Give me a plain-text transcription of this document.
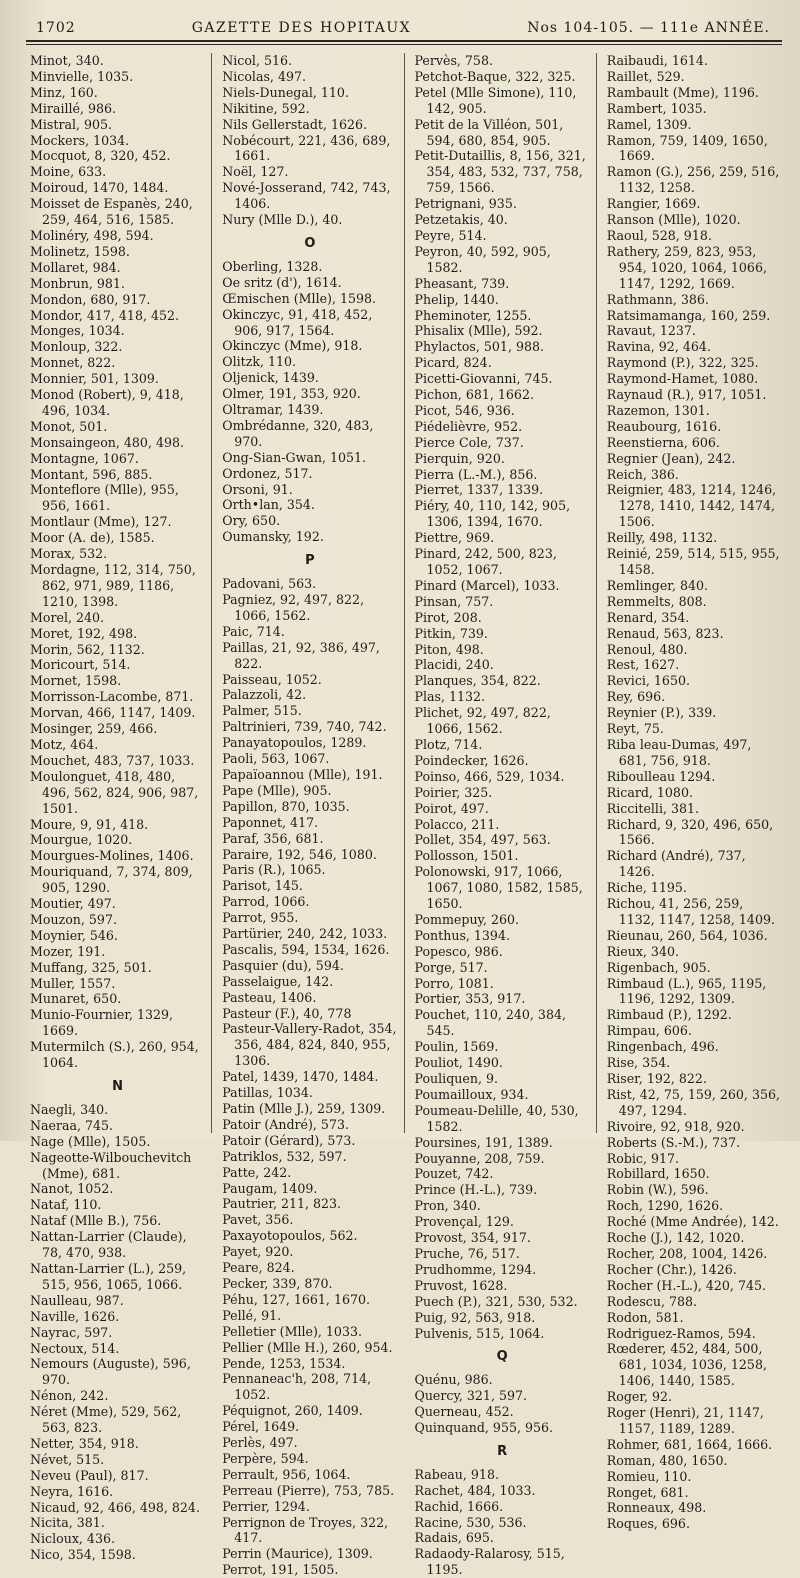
1702	GAZETTE DES HOPITAUX	Nos 104-105. — 111e ANNÉE.
Minot, 340.
Minvielle, 1035.
Minz, 160.
Miraillé, 986.
Mistral, 905.
Mockers, 1034.
Mocquot, 8, 320, 452.
Moine, 633.
Moiroud, 1470, 1484.
Moisset de Espanès, 240, 259, 464, 516, 1585.
Molinéry, 498, 594.
Molinetz, 1598.
Mollaret, 984.
Monbrun, 981.
Mondon, 680, 917.
Mondor, 417, 418, 452.
Monges, 1034.
Monloup, 322.
Monnet, 822.
Monnier, 501, 1309.
Monod (Robert), 9, 418, 496, 1034.
Monot, 501.
Monsaingeon, 480, 498.
Montagne, 1067.
Montant, 596, 885.
Monteflore (Mlle), 955, 956, 1661.
Montlaur (Mme), 127.
Moor (A. de), 1585.
Morax, 532.
Mordagne, 112, 314, 750, 862, 971, 989, 1186, 1210, 1398.
Morel, 240.
Moret, 192, 498.
Morin, 562, 1132.
Moricourt, 514.
Mornet, 1598.
Morrisson-Lacombe, 871.
Morvan, 466, 1147, 1409.
Mosinger, 259, 466.
Motz, 464.
Mouchet, 483, 737, 1033.
Moulonguet, 418, 480, 496, 562, 824, 906, 987, 1501.
Moure, 9, 91, 418.
Mourgue, 1020.
Mourgues-Molines, 1406.
Mouriquand, 7, 374, 809, 905, 1290.
Moutier, 497.
Mouzon, 597.
Moynier, 546.
Mozer, 191.
Muffang, 325, 501.
Muller, 1557.
Munaret, 650.
Munio-Fournier, 1329, 1669.
Mutermilch (S.), 260, 954, 1064.
N
Naegli, 340.
Naeraa, 745.
Nage (Mlle), 1505.
Nageotte-Wilbouchevitch (Mme), 681.
Nanot, 1052.
Nataf, 110.
Nataf (Mlle B.), 756.
Nattan-Larrier (Claude), 78, 470, 938.
Nattan-Larrier (L.), 259, 515, 956, 1065, 1066.
Naulleau, 987.
Naville, 1626.
Nayrac, 597.
Nectoux, 514.
Nemours (Auguste), 596, 970.
Nénon, 242.
Néret (Mme), 529, 562, 563, 823.
Netter, 354, 918.
Névet, 515.
Neveu (Paul), 817.
Neyra, 1616.
Nicaud, 92, 466, 498, 824.
Nicita, 381.
Nicloux, 436.
Nico, 354, 1598.
Nicol, 516.
Nicolas, 497.
Niels-Dunegal, 110.
Nikitine, 592.
Nils Gellerstadt, 1626.
Nobécourt, 221, 436, 689, 1661.
Noël, 127.
Nové-Josserand, 742, 743, 1406.
Nury (Mlle D.), 40.
O
Oberling, 1328.
Oe sritz (d'), 1614.
Œmischen (Mlle), 1598.
Okinczyc, 91, 418, 452, 906, 917, 1564.
Okinczyc (Mme), 918.
Olitzk, 110.
Oljenick, 1439.
Olmer, 191, 353, 920.
Oltramar, 1439.
Ombrédanne, 320, 483, 970.
Ong-Sian-Gwan, 1051.
Ordonez, 517.
Orsoni, 91.
Orth•lan, 354.
Ory, 650.
Oumansky, 192.
P
Padovani, 563.
Pagniez, 92, 497, 822, 1066, 1562.
Paic, 714.
Paillas, 21, 92, 386, 497, 822.
Paisseau, 1052.
Palazzoli, 42.
Palmer, 515.
Paltrinieri, 739, 740, 742.
Panayatopoulos, 1289.
Paoli, 563, 1067.
Papaïoannou (Mlle), 191.
Pape (Mlle), 905.
Papillon, 870, 1035.
Paponnet, 417.
Paraf, 356, 681.
Paraire, 192, 546, 1080.
Paris (R.), 1065.
Parisot, 145.
Parrod, 1066.
Parrot, 955.
Partürier, 240, 242, 1033.
Pascalis, 594, 1534, 1626.
Pasquier (du), 594.
Passelaigue, 142.
Pasteau, 1406.
Pasteur (F.), 40, 778
Pasteur-Vallery-Radot, 354, 356, 484, 824, 840, 955, 1306.
Patel, 1439, 1470, 1484.
Patillas, 1034.
Patin (Mlle J.), 259, 1309.
Patoir (André), 573.
Patoir (Gérard), 573.
Patriklos, 532, 597.
Patte, 242.
Paugam, 1409.
Pautrier, 211, 823.
Pavet, 356.
Paxayotopoulos, 562.
Payet, 920.
Peare, 824.
Pecker, 339, 870.
Péhu, 127, 1661, 1670.
Pellé, 91.
Pelletier (Mlle), 1033.
Pellier (Mlle H.), 260, 954.
Pende, 1253, 1534.
Pennaneac'h, 208, 714, 1052.
Péquignot, 260, 1409.
Pérel, 1649.
Perlès, 497.
Perpère, 594.
Perrault, 956, 1064.
Perreau (Pierre), 753, 785.
Perrier, 1294.
Perrignon de Troyes, 322, 417.
Perrin (Maurice), 1309.
Perrot, 191, 1505.
Pervès, 758.
Petchot-Baque, 322, 325.
Petel (Mlle Simone), 110, 142, 905.
Petit de la Villéon, 501, 594, 680, 854, 905.
Petit-Dutaillis, 8, 156, 321, 354, 483, 532, 737, 758, 759, 1566.
Petrignani, 935.
Petzetakis, 40.
Peyre, 514.
Peyron, 40, 592, 905, 1582.
Pheasant, 739.
Phelip, 1440.
Pheminoter, 1255.
Phisalix (Mlle), 592.
Phylactos, 501, 988.
Picard, 824.
Picetti-Giovanni, 745.
Pichon, 681, 1662.
Picot, 546, 936.
Piédelièvre, 952.
Pierce Cole, 737.
Pierquin, 920.
Pierra (L.-M.), 856.
Pierret, 1337, 1339.
Piéry, 40, 110, 142, 905, 1306, 1394, 1670.
Piettre, 969.
Pinard, 242, 500, 823, 1052, 1067.
Pinard (Marcel), 1033.
Pinsan, 757.
Pirot, 208.
Pitkin, 739.
Piton, 498.
Placidi, 240.
Planques, 354, 822.
Plas, 1132.
Plichet, 92, 497, 822, 1066, 1562.
Plotz, 714.
Poindecker, 1626.
Poinso, 466, 529, 1034.
Poirier, 325.
Poirot, 497.
Polacco, 211.
Pollet, 354, 497, 563.
Pollosson, 1501.
Polonowski, 917, 1066, 1067, 1080, 1582, 1585, 1650.
Pommepuy, 260.
Ponthus, 1394.
Popesco, 986.
Porge, 517.
Porro, 1081.
Portier, 353, 917.
Pouchet, 110, 240, 384, 545.
Poulin, 1569.
Pouliot, 1490.
Pouliquen, 9.
Poumailloux, 934.
Poumeau-Delille, 40, 530, 1582.
Poursines, 191, 1389.
Pouyanne, 208, 759.
Pouzet, 742.
Prince (H.-L.), 739.
Pron, 340.
Provençal, 129.
Provost, 354, 917.
Pruche, 76, 517.
Prudhomme, 1294.
Pruvost, 1628.
Puech (P.), 321, 530, 532.
Puig, 92, 563, 918.
Pulvenis, 515, 1064.
Q
Quénu, 986.
Quercy, 321, 597.
Querneau, 452.
Quinquand, 955, 956.
R
Rabeau, 918.
Rachet, 484, 1033.
Rachid, 1666.
Racine, 530, 536.
Radais, 695.
Radaody-Ralarosy, 515, 1195.
Raibaudi, 1614.
Raillet, 529.
Rambault (Mme), 1196.
Rambert, 1035.
Ramel, 1309.
Ramon, 759, 1409, 1650, 1669.
Ramon (G.), 256, 259, 516, 1132, 1258.
Rangier, 1669.
Ranson (Mlle), 1020.
Raoul, 528, 918.
Rathery, 259, 823, 953, 954, 1020, 1064, 1066, 1147, 1292, 1669.
Rathmann, 386.
Ratsimamanga, 160, 259.
Ravaut, 1237.
Ravina, 92, 464.
Raymond (P.), 322, 325.
Raymond-Hamet, 1080.
Raynaud (R.), 917, 1051.
Razemon, 1301.
Reaubourg, 1616.
Reenstierna, 606.
Regnier (Jean), 242.
Reich, 386.
Reignier, 483, 1214, 1246, 1278, 1410, 1442, 1474, 1506.
Reilly, 498, 1132.
Reinié, 259, 514, 515, 955, 1458.
Remlinger, 840.
Remmelts, 808.
Renard, 354.
Renaud, 563, 823.
Renoul, 480.
Rest, 1627.
Revici, 1650.
Rey, 696.
Reynier (P.), 339.
Reyt, 75.
Riba leau-Dumas, 497, 681, 756, 918.
Riboulleau 1294.
Ricard, 1080.
Riccitelli, 381.
Richard, 9, 320, 496, 650, 1566.
Richard (André), 737, 1426.
Riche, 1195.
Richou, 41, 256, 259, 1132, 1147, 1258, 1409.
Rieunau, 260, 564, 1036.
Rieux, 340.
Rigenbach, 905.
Rimbaud (L.), 965, 1195, 1196, 1292, 1309.
Rimbaud (P.), 1292.
Rimpau, 606.
Ringenbach, 496.
Rise, 354.
Riser, 192, 822.
Rist, 42, 75, 159, 260, 356, 497, 1294.
Rivoire, 92, 918, 920.
Roberts (S.-M.), 737.
Robic, 917.
Robillard, 1650.
Robin (W.), 596.
Roch, 1290, 1626.
Roché (Mme Andrée), 142.
Roche (J.), 142, 1020.
Rocher, 208, 1004, 1426.
Rocher (Chr.), 1426.
Rocher (H.-L.), 420, 745.
Rodescu, 788.
Rodon, 581.
Rodriguez-Ramos, 594.
Rœderer, 452, 484, 500, 681, 1034, 1036, 1258, 1406, 1440, 1585.
Roger, 92.
Roger (Henri), 21, 1147, 1157, 1189, 1289.
Rohmer, 681, 1664, 1666.
Roman, 480, 1650.
Romieu, 110.
Ronget, 681.
Ronneaux, 498.
Roques, 696.
